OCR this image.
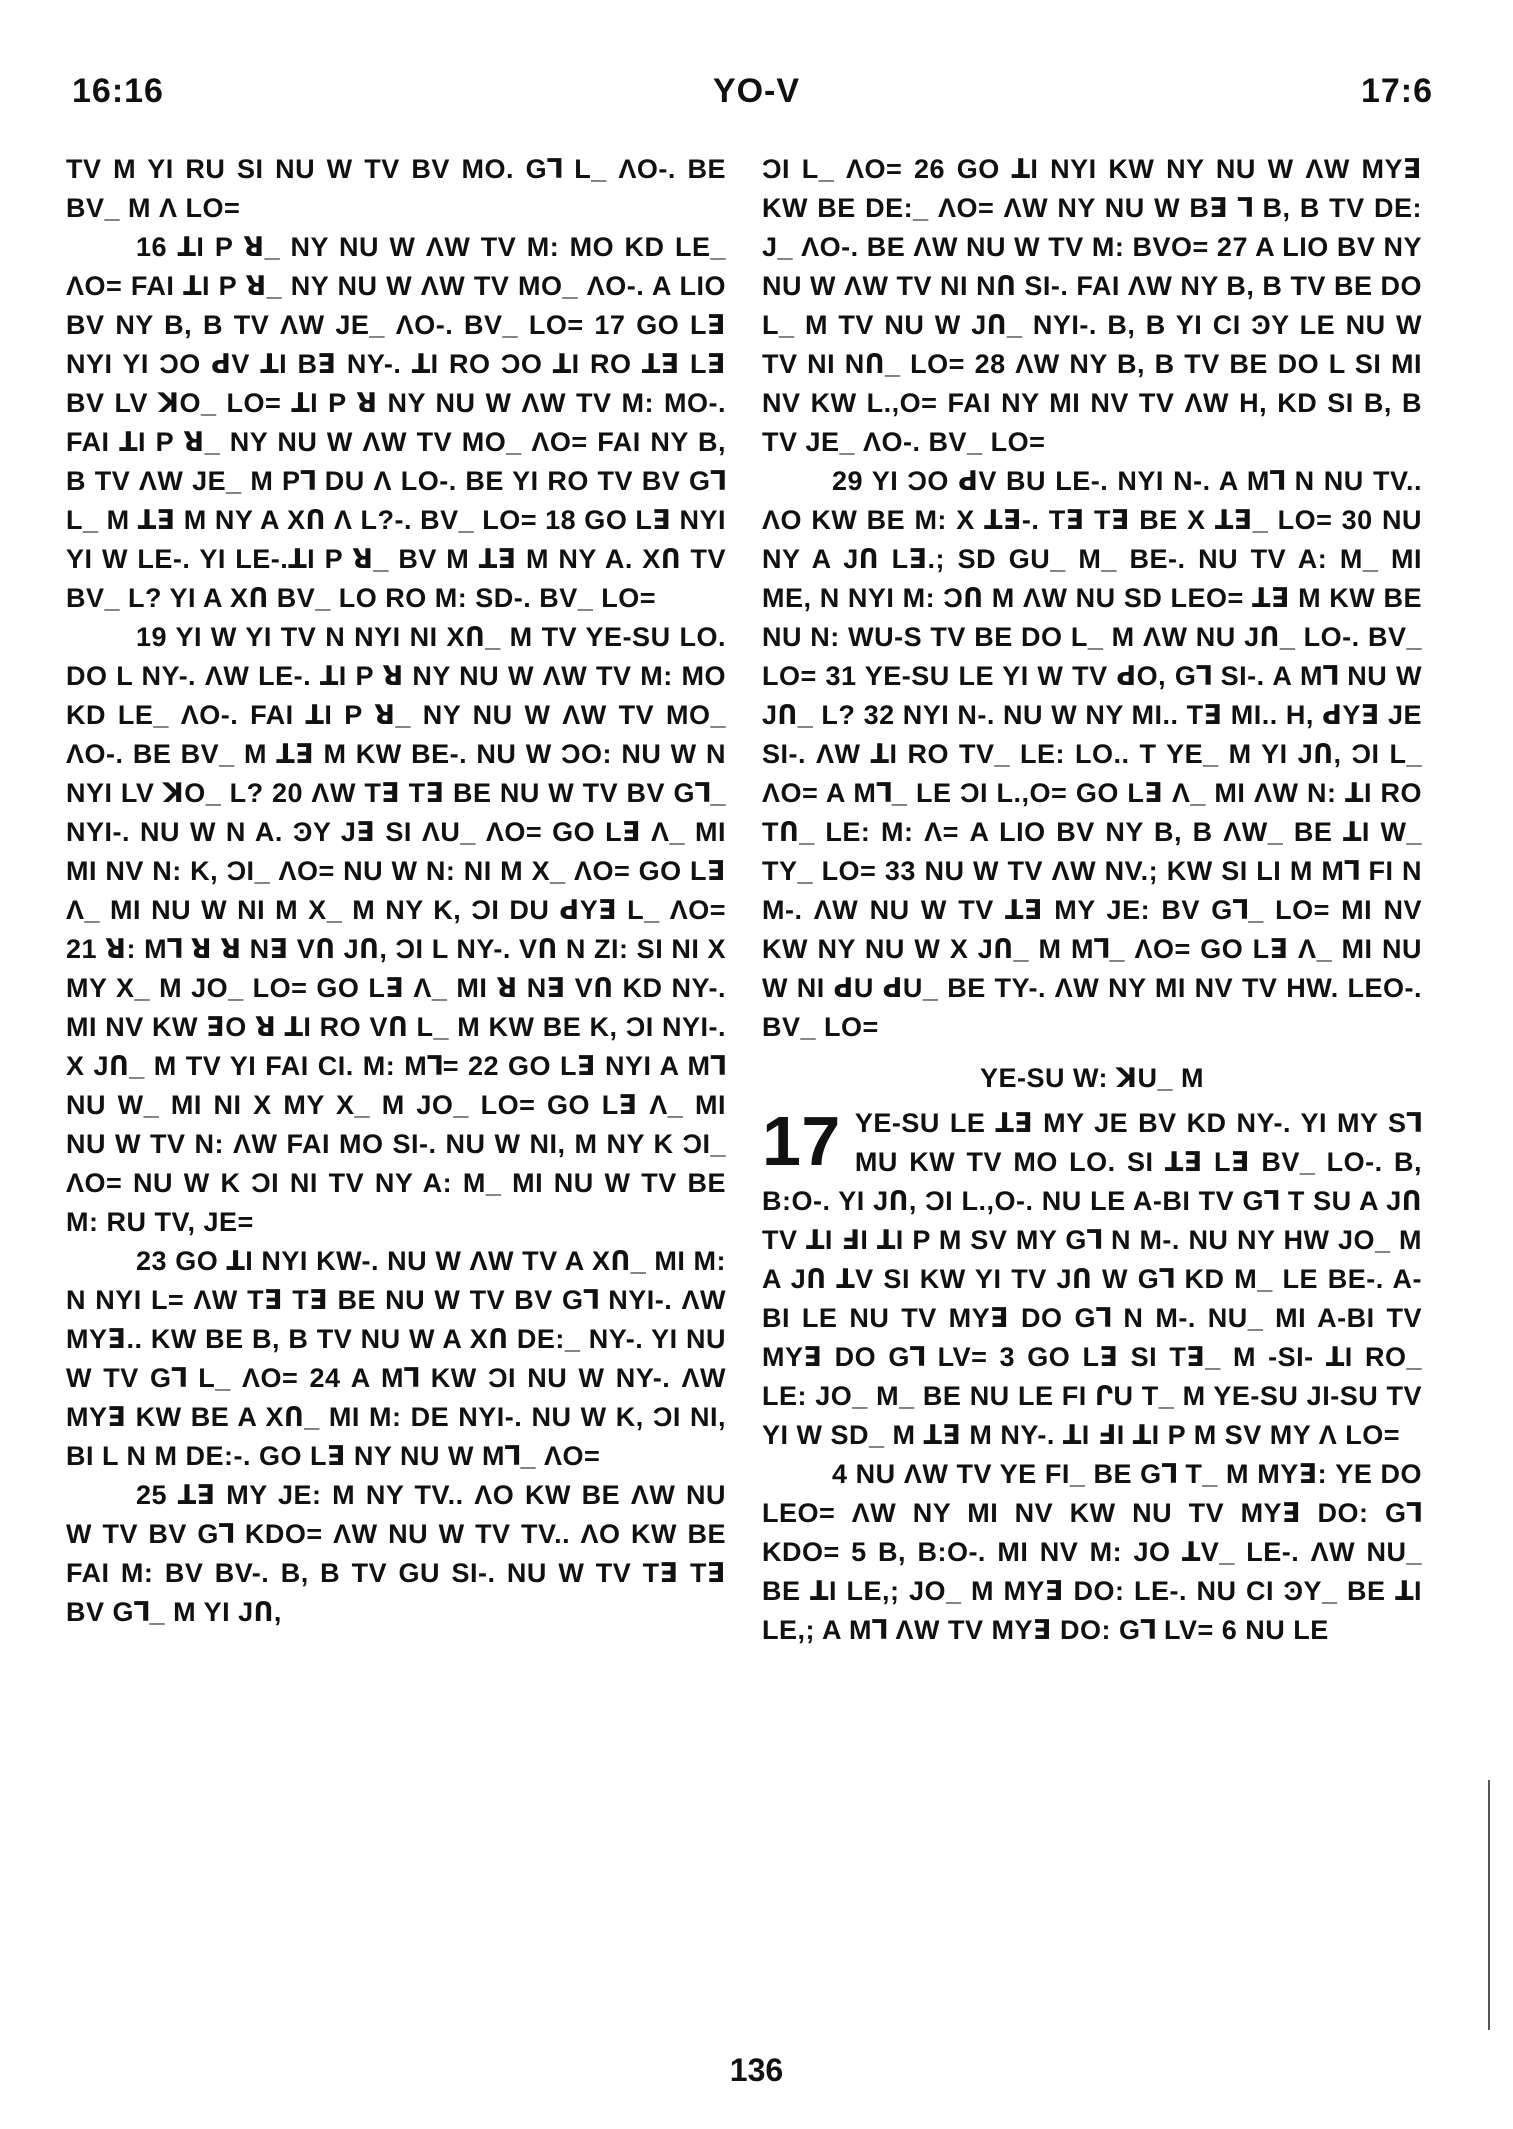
16:16	YO-V	17:6

TV M YI RU SI NU W TV BV MO. Gꓶ L_ ΛO-. BE BV_ M Λ LO=

16 ꓕI P ꓤ_ NY NU W ΛW TV M: MO KD LE_ ΛO= FAI ꓕI P ꓤ_ NY NU W ΛW TV MO_ ΛO-. A LIO BV NY B, B TV ΛW JE_ ΛO-. BV_ LO= 17 GO Lꓱ NYI YI ϽO ꓒV ꓕI Bꓱ NY-. ꓕI RO ϽO ꓕI RO ꓕꓱ Lꓱ BV LV ꓘO_ LO= ꓕI P ꓤ NY NU W ΛW TV M: MO-. FAI ꓕI P ꓤ_ NY NU W ΛW TV MO_ ΛO= FAI NY B, B TV ΛW JE_ M Pꓶ DU Λ LO-. BE YI RO TV BV Gꓶ L_ M ꓕꓱ M NY A XՈ Λ L?-. BV_ LO= 18 GO Lꓱ NYI YI W LE-. YI LE-.ꓕI P ꓤ_ BV M ꓕꓱ M NY A. XՈ TV BV_ L? YI A XՈ BV_ LO RO M: SD-. BV_ LO=

19 YI W YI TV N NYI NI XՈ_ M TV YE-SU LO. DO L NY-. ΛW LE-. ꓕI P ꓤ NY NU W ΛW TV M: MO KD LE_ ΛO-. FAI ꓕI P ꓤ_ NY NU W ΛW TV MO_ ΛO-. BE BV_ M ꓕꓱ M KW BE-. NU W ϽO: NU W N NYI LV ꓘO_ L? 20 ΛW Tꓱ Tꓱ BE NU W TV BV Gꓶ_ NYI-. NU W N A. ϿY Jꓱ SI ΛU_ ΛO= GO Lꓱ Λ_ MI MI NV N: K, ϽI_ ΛO= NU W N: NI M X_ ΛO= GO Lꓱ Λ_ MI NU W NI M X_ M NY K, ϽI DU ꓒYꓱ L_ ΛO= 21 ꓤ: Mꓶ ꓤ ꓤ Nꓱ VՈ JՈ, ϽI L NY-. VՈ N ZI: SI NI X MY X_ M JO_ LO= GO Lꓱ Λ_ MI ꓤ Nꓱ VՈ KD NY-. MI NV KW ꓱO ꓤ ꓕI RO VՈ L_ M KW BE K, ϽI NYI-. X JՈ_ M TV YI FAI CI. M: Mꓶ= 22 GO Lꓱ NYI A Mꓶ NU W_ MI NI X MY X_ M JO_ LO= GO Lꓱ Λ_ MI NU W TV N: ΛW FAI MO SI-. NU W NI, M NY K ϽI_ ΛO= NU W K ϽI NI TV NY A: M_ MI NU W TV BE M: RU TV, JE=

23 GO ꓕI NYI KW-. NU W ΛW TV A XՈ_ MI M: N NYI L= ΛW Tꓱ Tꓱ BE NU W TV BV Gꓶ NYI-. ΛW MYꓱ.. KW BE B, B TV NU W A XՈ DE:_ NY-. YI NU W TV Gꓶ L_ ΛO= 24 A Mꓶ KW ϽI NU W NY-. ΛW MYꓱ KW BE A XՈ_ MI M: DE NYI-. NU W K, ϽI NI, BI L N M DE:-. GO Lꓱ NY NU W Mꓶ_ ΛO=

25 ꓕꓱ MY JE: M NY TV.. ΛO KW BE ΛW NU W TV BV Gꓶ KDO= ΛW NU W TV TV.. ΛO KW BE FAI M: BV BV-. B, B TV GU SI-. NU W TV Tꓱ Tꓱ BV Gꓶ_ M YI JՈ,

ϽI L_ ΛO= 26 GO ꓕI NYI KW NY NU W ΛW MYꓱ KW BE DE:_ ΛO= ΛW NY NU W Bꓱ ꓶ B, B TV DE: J_ ΛO-. BE ΛW NU W TV M: BVO= 27 A LIO BV NY NU W ΛW TV NI NՈ SI-. FAI ΛW NY B, B TV BE DO L_ M TV NU W JՈ_ NYI-. B, B YI CI ϿY LE NU W TV NI NՈ_ LO= 28 ΛW NY B, B TV BE DO L SI MI NV KW L.,O= FAI NY MI NV TV ΛW H, KD SI B, B TV JE_ ΛO-. BV_ LO=

29 YI ϽO ꓒV BU LE-. NYI N-. A Mꓶ N NU TV.. ΛO KW BE M: X ꓕꓱ-. Tꓱ Tꓱ BE X ꓕꓱ_ LO= 30 NU NY A JՈ Lꓱ.; SD GU_ M_ BE-. NU TV A: M_ MI ME, N NYI M: ϽՈ M ΛW NU SD LEO= ꓕꓱ M KW BE NU N: WU-S TV BE DO L_ M ΛW NU JՈ_ LO-. BV_ LO= 31 YE-SU LE YI W TV ꓒO, Gꓶ SI-. A Mꓶ NU W JՈ_ L? 32 NYI N-. NU W NY MI.. Tꓱ MI.. H, ꓒYꓱ JE SI-. ΛW ꓕI RO TV_ LE: LO.. T YE_ M YI JՈ, ϽI L_ ΛO= A Mꓶ_ LE ϽI L.,O= GO Lꓱ Λ_ MI ΛW N: ꓕI RO TՈ_ LE: M: Λ= A LIO BV NY B, B ΛW_ BE ꓕI W_ TY_ LO= 33 NU W TV ΛW NV.; KW SI LI M Mꓶ FI N M-. ΛW NU W TV ꓕꓱ MY JE: BV Gꓶ_ LO= MI NV KW NY NU W X JՈ_ M Mꓶ_ ΛO= GO Lꓱ Λ_ MI NU W NI ꓒU ꓒU_ BE TY-. ΛW NY MI NV TV HW. LEO-. BV_ LO=

YE-SU W: ꓘU_ M
17 YE-SU LE ꓕꓱ MY JE BV KD NY-. YI MY Sꓶ MU KW TV MO LO. SI ꓕꓱ Lꓱ BV_ LO-. B, B:O-. YI JՈ, ϽI L.,O-. NU LE A-BI TV Gꓶ T SU A JՈ TV ꓕI ꓞI ꓕI P M SV MY Gꓶ N M-. NU NY HW JO_ M A JՈ ꓕV SI KW YI TV JՈ W Gꓶ KD M_ LE BE-. A-BI LE NU TV MYꓱ DO Gꓶ N M-. NU_ MI A-BI TV MYꓱ DO Gꓶ LV= 3 GO Lꓱ SI Tꓱ_ M -SI- ꓕI RO_ LE: JO_ M_ BE NU LE FI ՐU T_ M YE-SU JI-SU TV YI W SD_ M ꓕꓱ M NY-. ꓕI ꓞI ꓕI P M SV MY Λ LO=

4 NU ΛW TV YE FI_ BE Gꓶ T_ M MYꓱ: YE DO LEO= ΛW NY MI NV KW NU TV MYꓱ DO: Gꓶ KDO= 5 B, B:O-. MI NV M: JO ꓕV_ LE-. ΛW NU_ BE ꓕI LE,; JO_ M MYꓱ DO: LE-. NU CI ϿY_ BE ꓕI LE,; A Mꓶ ΛW TV MYꓱ DO: Gꓶ LV= 6 NU LE

136
